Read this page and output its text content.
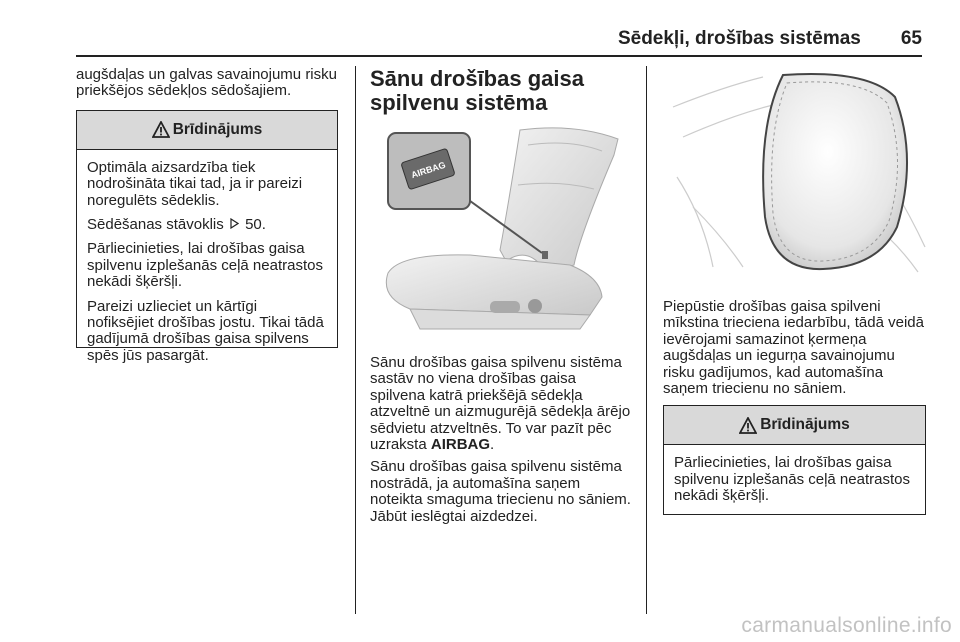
Sēdekļi, drošības sistēmas 65

augšdaļas un galvas savainojumu risku priekšējos sēdekļos sēdošajiem.

Brīdinājums

Optimāla aizsardzība tiek nodrošināta tikai tad, ja ir pareizi noregulēts sēdeklis.

Sēdēšanas stāvoklis 50.

Pārliecinieties, lai drošības gaisa spilvenu izplešanās ceļā neatrastos nekādi šķēršļi.

Pareizi uzlieciet un kārtīgi nofiksējiet drošības jostu. Tikai tādā gadījumā drošības gaisa spilvens spēs jūs pasargāt.

Sānu drošības gaisa spilvenu sistēma
AIRBAG

Sānu drošības gaisa spilvenu sistēma sastāv no viena drošības gaisa spilvena katrā priekšējā sēdekļa atzveltnē un aizmugurējā sēdekļa ārējo sēdvietu atzveltnēs. To var pazīt pēc uzraksta AIRBAG.

Sānu drošības gaisa spilvenu sistēma nostrādā, ja automašīna saņem noteikta smaguma triecienu no sāniem. Jābūt ieslēgtai aizdedzei.

Piepūstie drošības gaisa spilveni mīkstina trieciena iedarbību, tādā veidā ievērojami samazinot ķermeņa augšdaļas un iegurņa savainojumu risku gadījumos, kad automašīna saņem triecienu no sāniem.

Brīdinājums

Pārliecinieties, lai drošības gaisa spilvenu izplešanās ceļā neatrastos nekādi šķēršļi.

carmanualsonline.info
